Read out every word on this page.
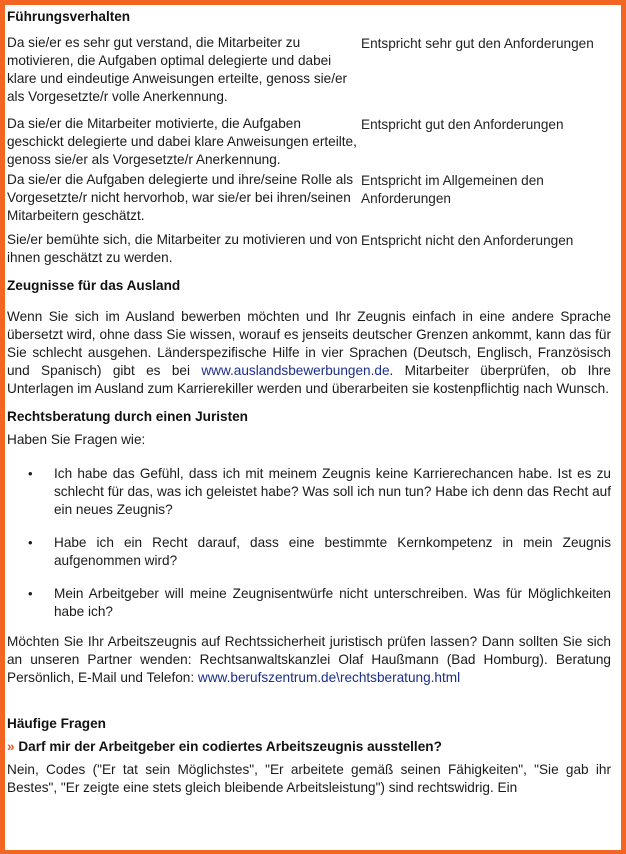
Führungsverhalten
Da sie/er es sehr gut verstand, die Mitarbeiter zu motivieren, die Aufgaben optimal delegierte und dabei klare und eindeutige Anweisungen erteilte, genoss sie/er als Vorgesetzte/r volle Anerkennung.	Entspricht sehr gut den Anforderungen
Da sie/er die Mitarbeiter motivierte, die Aufgaben geschickt delegierte und dabei klare Anweisungen erteilte, genoss sie/er als Vorgesetzte/r Anerkennung.	Entspricht gut den Anforderungen
Da sie/er die Aufgaben delegierte und ihre/seine Rolle als Vorgesetzte/r nicht hervorhob, war sie/er bei ihren/seinen Mitarbeitern geschätzt.	Entspricht im Allgemeinen den Anforderungen
Sie/er bemühte sich, die Mitarbeiter zu motivieren und von ihnen geschätzt zu werden.	Entspricht nicht den Anforderungen
Zeugnisse für das Ausland

Wenn Sie sich im Ausland bewerben möchten und Ihr Zeugnis einfach in eine andere Sprache übersetzt wird, ohne dass Sie wissen, worauf es jenseits deutscher Grenzen ankommt, kann das für Sie schlecht ausgehen. Länderspezifische Hilfe in vier Sprachen (Deutsch, Englisch, Französisch und Spanisch) gibt es bei www.auslandsbewerbungen.de. Mitarbeiter überprüfen, ob Ihre Unterlagen im Ausland zum Karrierekiller werden und überarbeiten sie kostenpflichtig nach Wunsch.

Rechtsberatung durch einen Juristen
Haben Sie Fragen wie:
• Ich habe das Gefühl, dass ich mit meinem Zeugnis keine Karrierechancen habe. Ist es zu schlecht für das, was ich geleistet habe? Was soll ich nun tun? Habe ich denn das Recht auf ein neues Zeugnis?
• Habe ich ein Recht darauf, dass eine bestimmte Kernkompetenz in mein Zeugnis aufgenommen wird?
• Mein Arbeitgeber will meine Zeugnisentwürfe nicht unterschreiben. Was für Möglichkeiten habe ich?

Möchten Sie Ihr Arbeitszeugnis auf Rechtssicherheit juristisch prüfen lassen? Dann sollten Sie sich an unseren Partner wenden: Rechtsanwaltskanzlei Olaf Haußmann (Bad Homburg). Beratung Persönlich, E-Mail und Telefon: www.berufszentrum.de\rechtsberatung.html

Häufige Fragen
» Darf mir der Arbeitgeber ein codiertes Arbeitszeugnis ausstellen?

Nein, Codes ("Er tat sein Möglichstes", "Er arbeitete gemäß seinen Fähigkeiten", "Sie gab ihr Bestes", "Er zeigte eine stets gleich bleibende Arbeitsleistung") sind rechtswidrig. Ein
